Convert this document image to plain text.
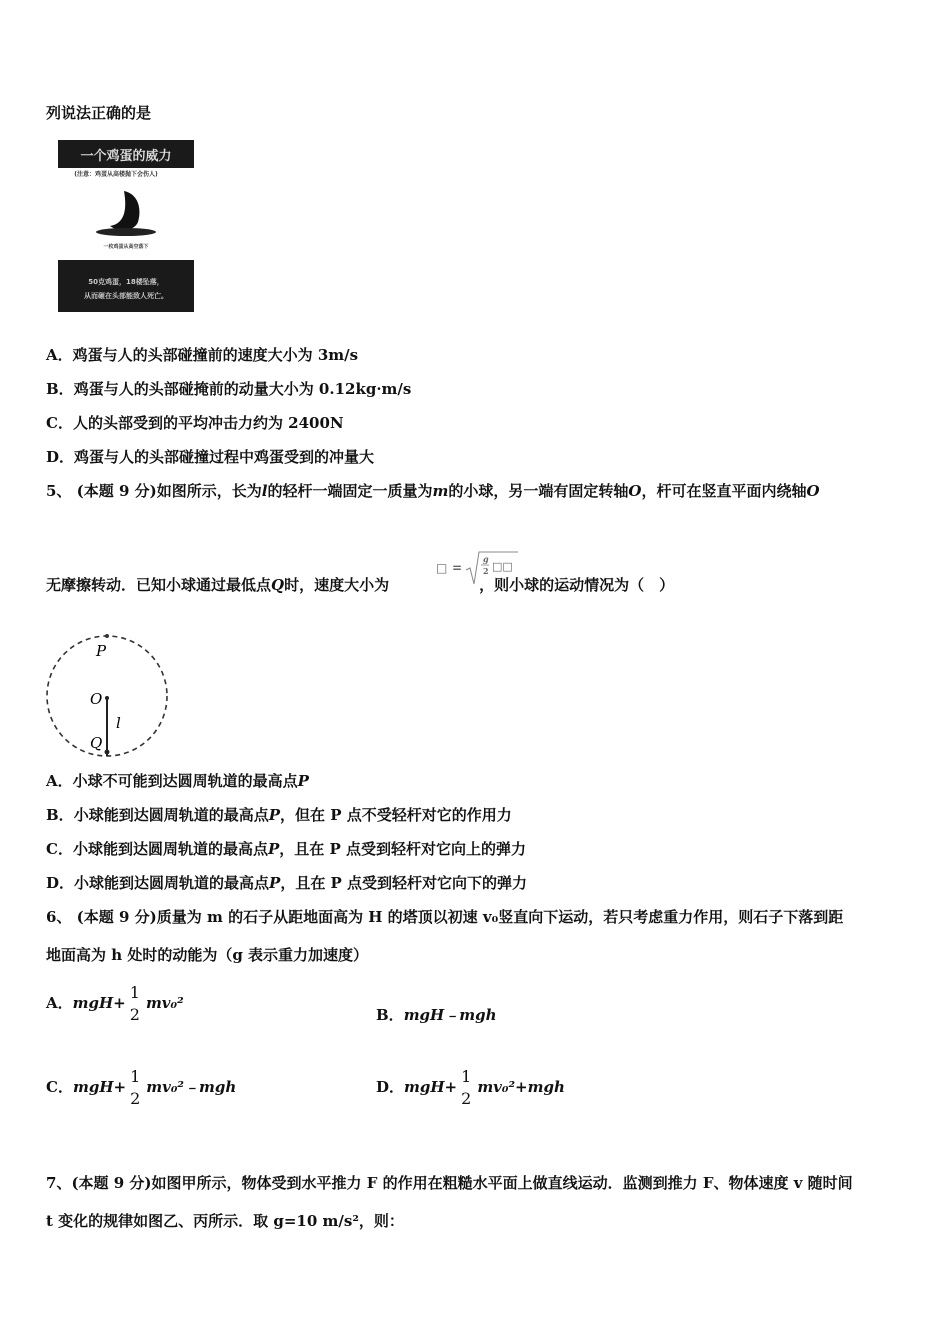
列说法正确的是
一个鸡蛋的威力
(注意：鸡蛋从高楼抛下会伤人)
一枚鸡蛋从高空落下
50克鸡蛋，18楼坠落，
从而砸在头部能致人死亡。
A．鸡蛋与人的头部碰撞前的速度大小为 3m/s
B．鸡蛋与人的头部碰掩前的动量大小为 0.12kg·m/s
C．人的头部受到的平均冲击力约为 2400N
D．鸡蛋与人的头部碰撞过程中鸡蛋受到的冲量大
5、 (本题 9 分)如图所示，长为l的轻杆一端固定一质量为m的小球，另一端有固定转轴O，杆可在竖直平面内绕轴O
无摩擦转动．已知小球通过最低点Q时，速度大小为	，则小球的运动情况为（　）
□ =
g
2 □□
P
O
l
Q
A．小球不可能到达圆周轨道的最高点P
B．小球能到达圆周轨道的最高点P，但在 P 点不受轻杆对它的作用力
C．小球能到达圆周轨道的最高点P，且在 P 点受到轻杆对它向上的弹力
D．小球能到达圆周轨道的最高点P，且在 P 点受到轻杆对它向下的弹力
6、 (本题 9 分)质量为 m 的石子从距地面高为 H 的塔顶以初速 v₀竖直向下运动，若只考虑重力作用，则石子下落到距
地面高为 h 处时的动能为（g 表示重力加速度）
A．mgH+
1
2
mv₀²
B．mgH﹣mgh
C．mgH+
1
2
mv₀²﹣mgh	D．mgH+
1
2
mv₀²+mgh
7、(本题 9 分)如图甲所示，物体受到水平推力 F 的作用在粗糙水平面上做直线运动．监测到推力 F、物体速度 v 随时间
t 变化的规律如图乙、丙所示．取 g=10 m/s²，则：
